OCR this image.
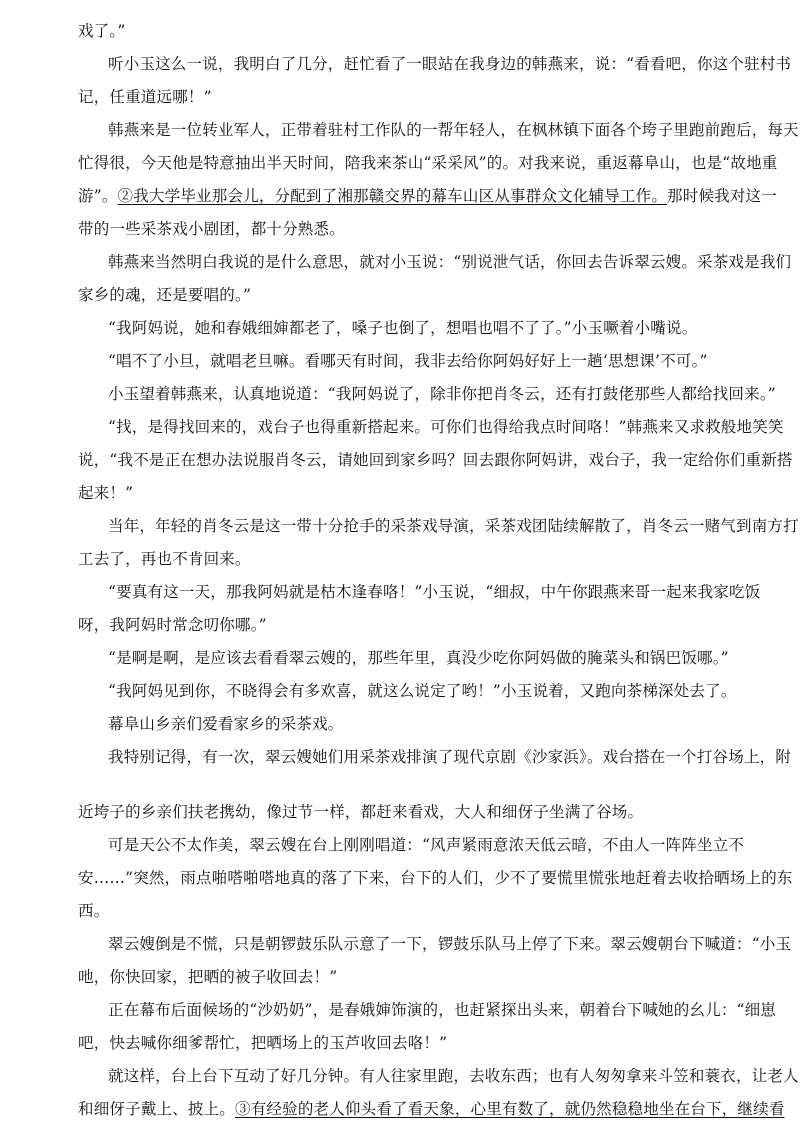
戏了。”
听小玉这么一说，我明白了几分，赶忙看了一眼站在我身边的韩燕来，说：“看看吧，你这个驻村书
记，任重道远哪！”
韩燕来是一位转业军人，正带着驻村工作队的一帮年轻人，在枫林镇下面各个垮子里跑前跑后，每天
忙得很，今天他是特意抽出半天时间，陪我来茶山“采采风”的。对我来说，重返幕阜山，也是“故地重
游”。②我大学毕业那会儿，分配到了湘那赣交界的幕车山区从事群众文化辅导工作。那时候我对这一
带的一些采茶戏小剧团，都十分熟悉。
韩燕来当然明白我说的是什么意思，就对小玉说：“别说泄气话，你回去告诉翠云嫂。采茶戏是我们
家乡的魂，还是要唱的。”
“我阿妈说，她和春娥细婶都老了，嗓子也倒了，想唱也唱不了了。”小玉噘着小嘴说。
“唱不了小旦，就唱老旦嘛。看哪天有时间，我非去给你阿妈好好上一趟‘思想课’不可。”
小玉望着韩燕来，认真地说道：“我阿妈说了，除非你把肖冬云，还有打鼓佬那些人都给找回来。”
“找，是得找回来的，戏台子也得重新搭起来。可你们也得给我点时间咯！”韩燕来又求救般地笑笑
说，“我不是正在想办法说服肖冬云，请她回到家乡吗？回去跟你阿妈讲，戏台子，我一定给你们重新搭
起来！”
当年，年轻的肖冬云是这一带十分抢手的采茶戏导演，采茶戏团陆续解散了，肖冬云一赌气到南方打
工去了，再也不肯回来。
“要真有这一天，那我阿妈就是枯木逢春咯！”小玉说，“细叔，中午你跟燕来哥一起来我家吃饭
呀，我阿妈时常念叨你哪。”
“是啊是啊，是应该去看看翠云嫂的，那些年里，真没少吃你阿妈做的腌菜头和锅巴饭哪。”
“我阿妈见到你，不晓得会有多欢喜，就这么说定了哟！”小玉说着，又跑向茶梯深处去了。
幕阜山乡亲们爱看家乡的采茶戏。
我特别记得，有一次，翠云嫂她们用采茶戏排演了现代京剧《沙家浜》。戏台搭在一个打谷场上，附
近垮子的乡亲们扶老携幼，像过节一样，都赶来看戏，大人和细伢子坐满了谷场。
可是天公不太作美，翠云嫂在台上刚刚唱道：“风声紧雨意浓天低云暗，不由人一阵阵坐立不
安……”突然，雨点啪嗒啪嗒地真的落了下来，台下的人们，少不了要慌里慌张地赶着去收拾晒场上的东
西。
翠云嫂倒是不慌，只是朝锣鼓乐队示意了一下，锣鼓乐队马上停了下来。翠云嫂朝台下喊道：“小玉
吔，你快回家，把晒的被子收回去！”
正在幕布后面候场的“沙奶奶”，是春娥婶饰演的，也赶紧探出头来，朝着台下喊她的幺儿：“细崽
吧，快去喊你细爹帮忙，把晒场上的玉芦收回去咯！”
就这样，台上台下互动了好几分钟。有人往家里跑，去收东西；也有人匆匆拿来斗笠和蓑衣，让老人
和细伢子戴上、披上。③有经验的老人仰头看了看天象，心里有数了，就仍然稳稳地坐在台下，继续看
